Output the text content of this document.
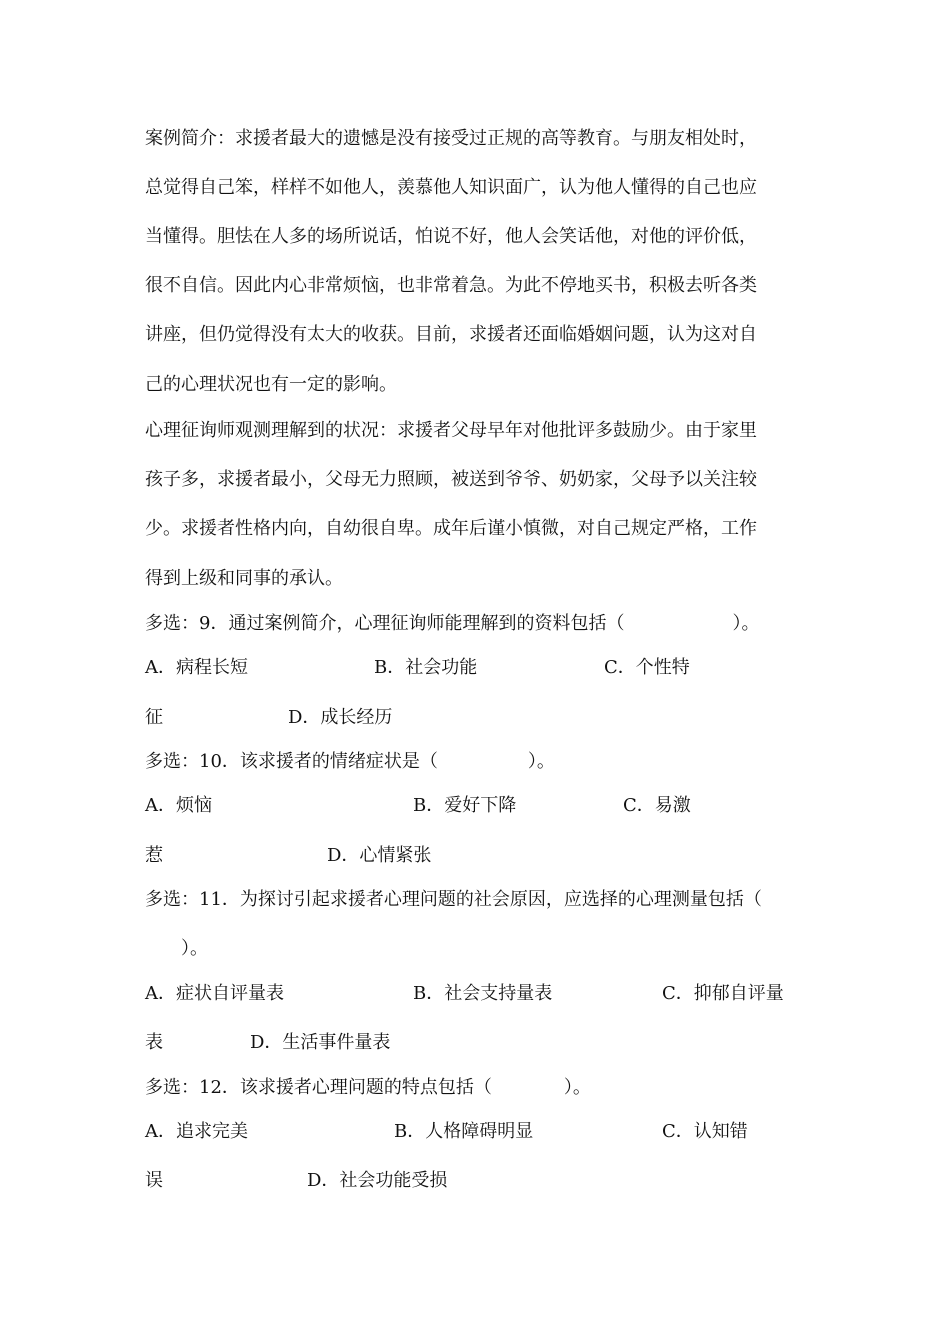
案例简介：求援者最大的遗憾是没有接受过正规的高等教育。与朋友相处时，
总觉得自己笨，样样不如他人，羡慕他人知识面广，认为他人懂得的自己也应
当懂得。胆怯在人多的场所说话，怕说不好，他人会笑话他，对他的评价低，
很不自信。因此内心非常烦恼，也非常着急。为此不停地买书，积极去听各类
讲座，但仍觉得没有太大的收获。目前，求援者还面临婚姻问题，认为这对自
己的心理状况也有一定的影响。
心理征询师观测理解到的状况：求援者父母早年对他批评多鼓励少。由于家里
孩子多，求援者最小，父母无力照顾，被送到爷爷、奶奶家，父母予以关注较
少。求援者性格内向，自幼很自卑。成年后谨小慎微，对自己规定严格，工作
得到上级和同事的承认。
多选：9．通过案例简介，心理征询师能理解到的资料包括（　　　　　　）。
A．病程长短	B．社会功能	C．个性特
征	D．成长经历
多选：10．该求援者的情绪症状是（　　　　　）。
A．烦恼	B．爱好下降	C．易激
惹	D．心情紧张
多选：11．为探讨引起求援者心理问题的社会原因，应选择的心理测量包括（
　　）。
A．症状自评量表	B．社会支持量表	C．抑郁自评量
表	D．生活事件量表
多选：12．该求援者心理问题的特点包括（　　　　）。
A．追求完美	B．人格障碍明显	C．认知错
误	D．社会功能受损
